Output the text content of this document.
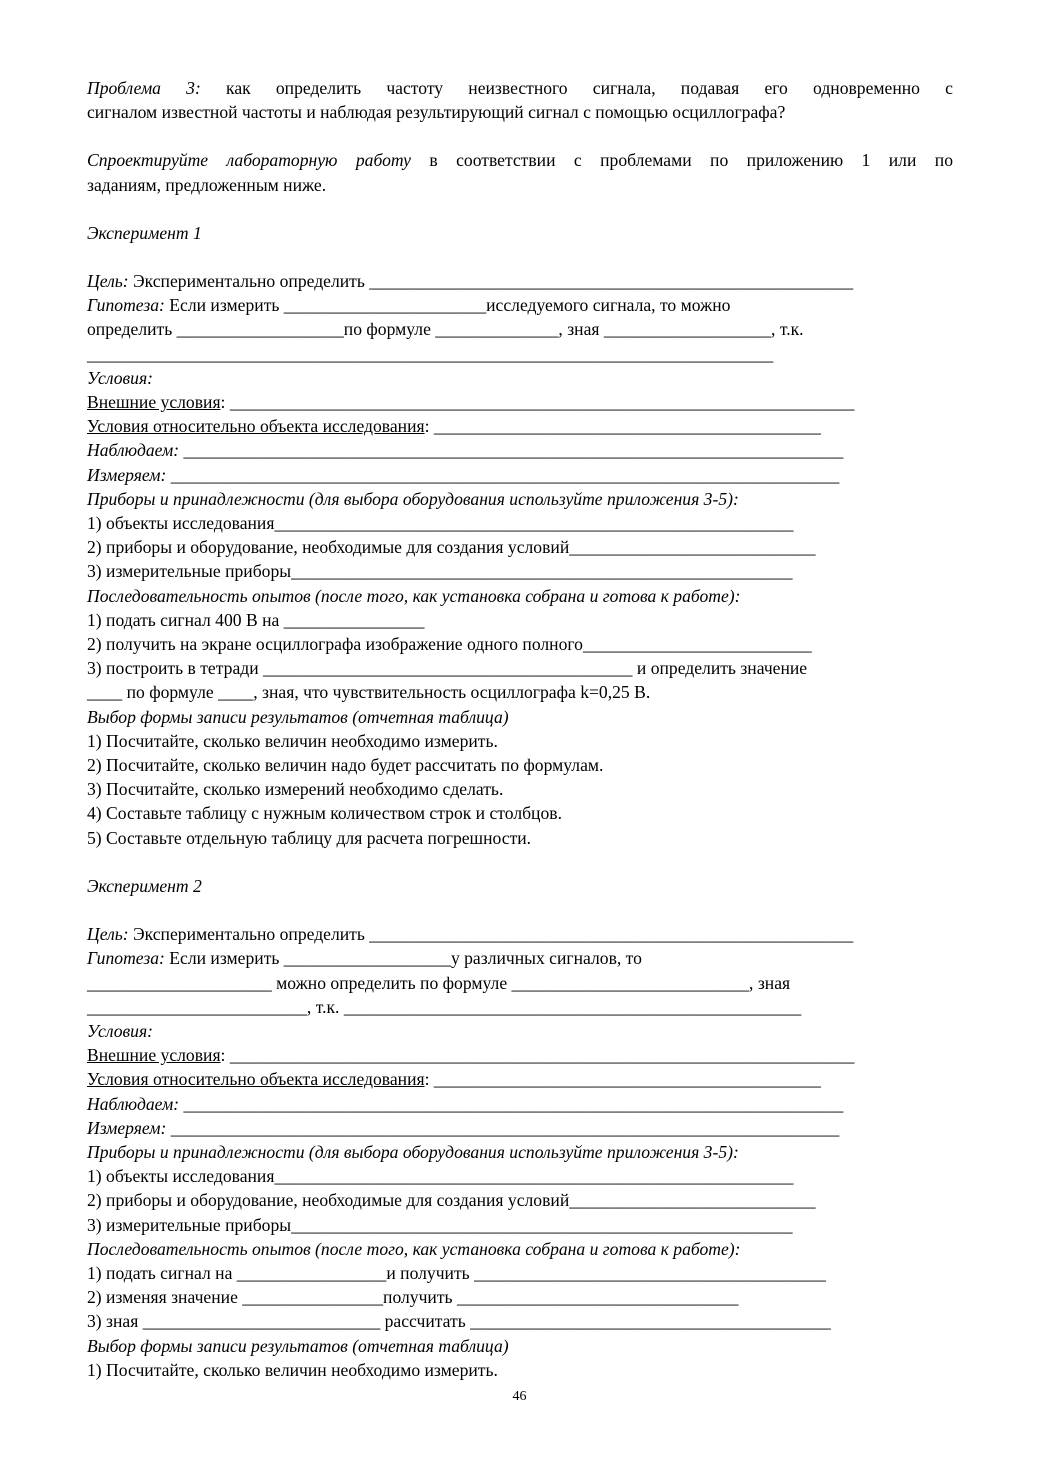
Проблема 3: как определить частоту неизвестного сигнала, подавая его одновременно с
сигналом известной частоты и наблюдая результирующий сигнал с помощью осциллографа?
Спроектируйте лабораторную работу в соответствии с проблемами по приложению 1 или по
заданиям, предложенным ниже.
Эксперимент 1
Цель: Экспериментально определить _______________________________________________________
Гипотеза: Если измерить _______________________исследуемого сигнала, то можно
определить ___________________по формуле ______________, зная ___________________, т.к.
______________________________________________________________________________
Условия:
Внешние условия: _______________________________________________________________________
Условия относительно объекта исследования: ____________________________________________
Наблюдаем: ___________________________________________________________________________
Измеряем: ____________________________________________________________________________
Приборы и принадлежности (для выбора оборудования используйте приложения 3-5):
1) объекты исследования___________________________________________________________
2) приборы и оборудование, необходимые для создания условий____________________________
3) измерительные приборы_________________________________________________________
Последовательность опытов (после того, как установка собрана и готова к работе):
1) подать сигнал 400 В на ________________
2) получить на экране осциллографа изображение одного полного__________________________
3) построить в тетради __________________________________________ и определить значение
____ по формуле ____, зная, что чувствительность осциллографа k=0,25 В.
Выбор формы записи результатов (отчетная таблица)
1) Посчитайте, сколько величин необходимо измерить.
2) Посчитайте, сколько величин надо будет рассчитать по формулам.
3) Посчитайте, сколько измерений необходимо сделать.
4) Составьте таблицу с нужным количеством строк и столбцов.
5) Составьте отдельную таблицу для расчета погрешности.
Эксперимент 2
Цель: Экспериментально определить _______________________________________________________
Гипотеза: Если измерить ___________________у различных сигналов, то
_____________________ можно определить по формуле ___________________________, зная
_________________________, т.к. ____________________________________________________
Условия:
Внешние условия: _______________________________________________________________________
Условия относительно объекта исследования: ____________________________________________
Наблюдаем: ___________________________________________________________________________
Измеряем: ____________________________________________________________________________
Приборы и принадлежности (для выбора оборудования используйте приложения 3-5):
1) объекты исследования___________________________________________________________
2) приборы и оборудование, необходимые для создания условий____________________________
3) измерительные приборы_________________________________________________________
Последовательность опытов (после того, как установка собрана и готова к работе):
1) подать сигнал на _________________и получить ________________________________________
2) изменяя значение ________________получить ________________________________
3) зная ___________________________ рассчитать _________________________________________
Выбор формы записи результатов (отчетная таблица)
1) Посчитайте, сколько величин необходимо измерить.
46
